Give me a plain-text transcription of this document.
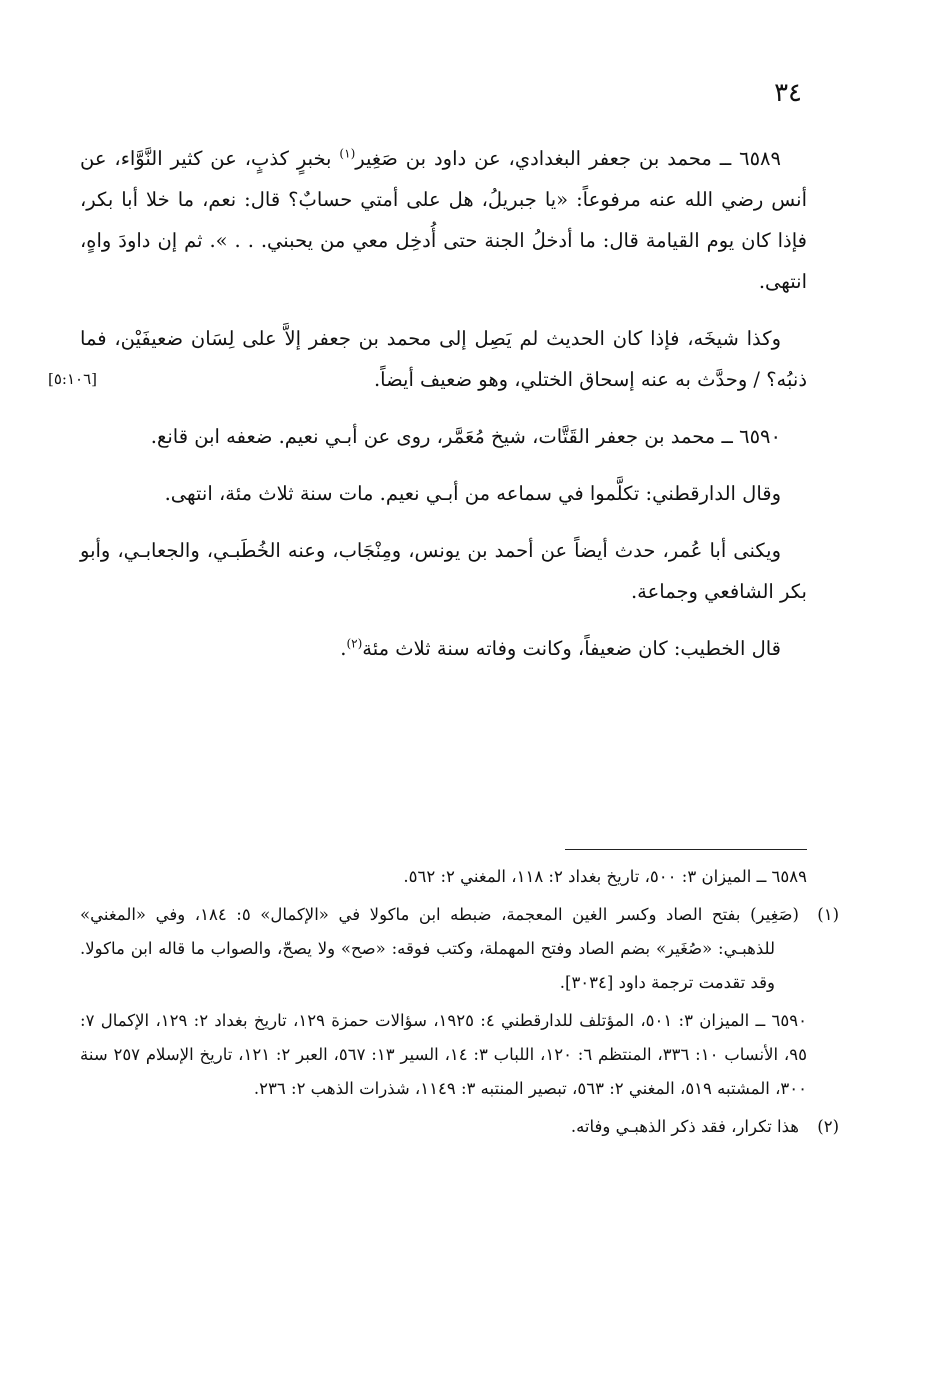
٣٤

٦٥٨٩ ــ محمد بن جعفر البغدادي، عن داود بن صَغِير$^{(١)}$ بخبرٍ كذبٍ، عن كثير النَّوَّاء، عن أنس رضي الله عنه مرفوعاً: «يا جبريلُ، هل على أمتي حسابٌ؟ قال: نعم، ما خلا أبا بكر، فإذا كان يوم القيامة قال: ما أدخلُ الجنة حتى أُدخِل معي من يحبني. . . ». ثم إن داودَ واهٍ، انتهى.

وكذا شيخَه، فإذا كان الحديث لم يَصِل إلى محمد بن جعفر إلاَّ على لِسَان ضعيفَيْن، فما ذنبُه؟ / وحدَّث به عنه إسحاق الختلي، وهو ضعيف أيضاً.
[٥:١٠٦]

٦٥٩٠ ــ محمد بن جعفر القَتَّات، شيخ مُعَمَّر، روى عن أبـي نعيم. ضعفه ابن قانع.

وقال الدارقطني: تكلَّموا في سماعه من أبـي نعيم. مات سنة ثلاث مئة، انتهى.

ويكنى أبا عُمر، حدث أيضاً عن أحمد بن يونس، ومِنْجَاب، وعنه الخُطَبـي، والجعابـي، وأبو بكر الشافعي وجماعة.

قال الخطيب: كان ضعيفاً، وكانت وفاته سنة ثلاث مئة$^{(٢)}$.

٦٥٨٩ ــ الميزان ٣: ٥٠٠، تاريخ بغداد ٢: ١١٨، المغني ٢: ٥٦٢.

(١)(صَغِير) بفتح الصاد وكسر الغين المعجمة، ضبطه ابن ماكولا في «الإكمال» ٥: ١٨٤، وفي «المغني» للذهبـي: «صُغَير» بضم الصاد وفتح المهملة، وكتب فوقه: «صح» ولا يصحّ، والصواب ما قاله ابن ماكولا. وقد تقدمت ترجمة داود [٣٠٣٤].

٦٥٩٠ ــ الميزان ٣: ٥٠١، المؤتلف للدارقطني ٤: ١٩٢٥، سؤالات حمزة ١٢٩، تاريخ بغداد ٢: ١٢٩، الإكمال ٧: ٩٥، الأنساب ١٠: ٣٣٦، المنتظم ٦: ١٢٠، اللباب ٣: ١٤، السير ١٣: ٥٦٧، العبر ٢: ١٢١، تاريخ الإسلام ٢٥٧ سنة ٣٠٠، المشتبه ٥١٩، المغني ٢: ٥٦٣، تبصير المنتبه ٣: ١١٤٩، شذرات الذهب ٢: ٢٣٦.

(٢)هذا تكرار، فقد ذكر الذهبـي وفاته.
